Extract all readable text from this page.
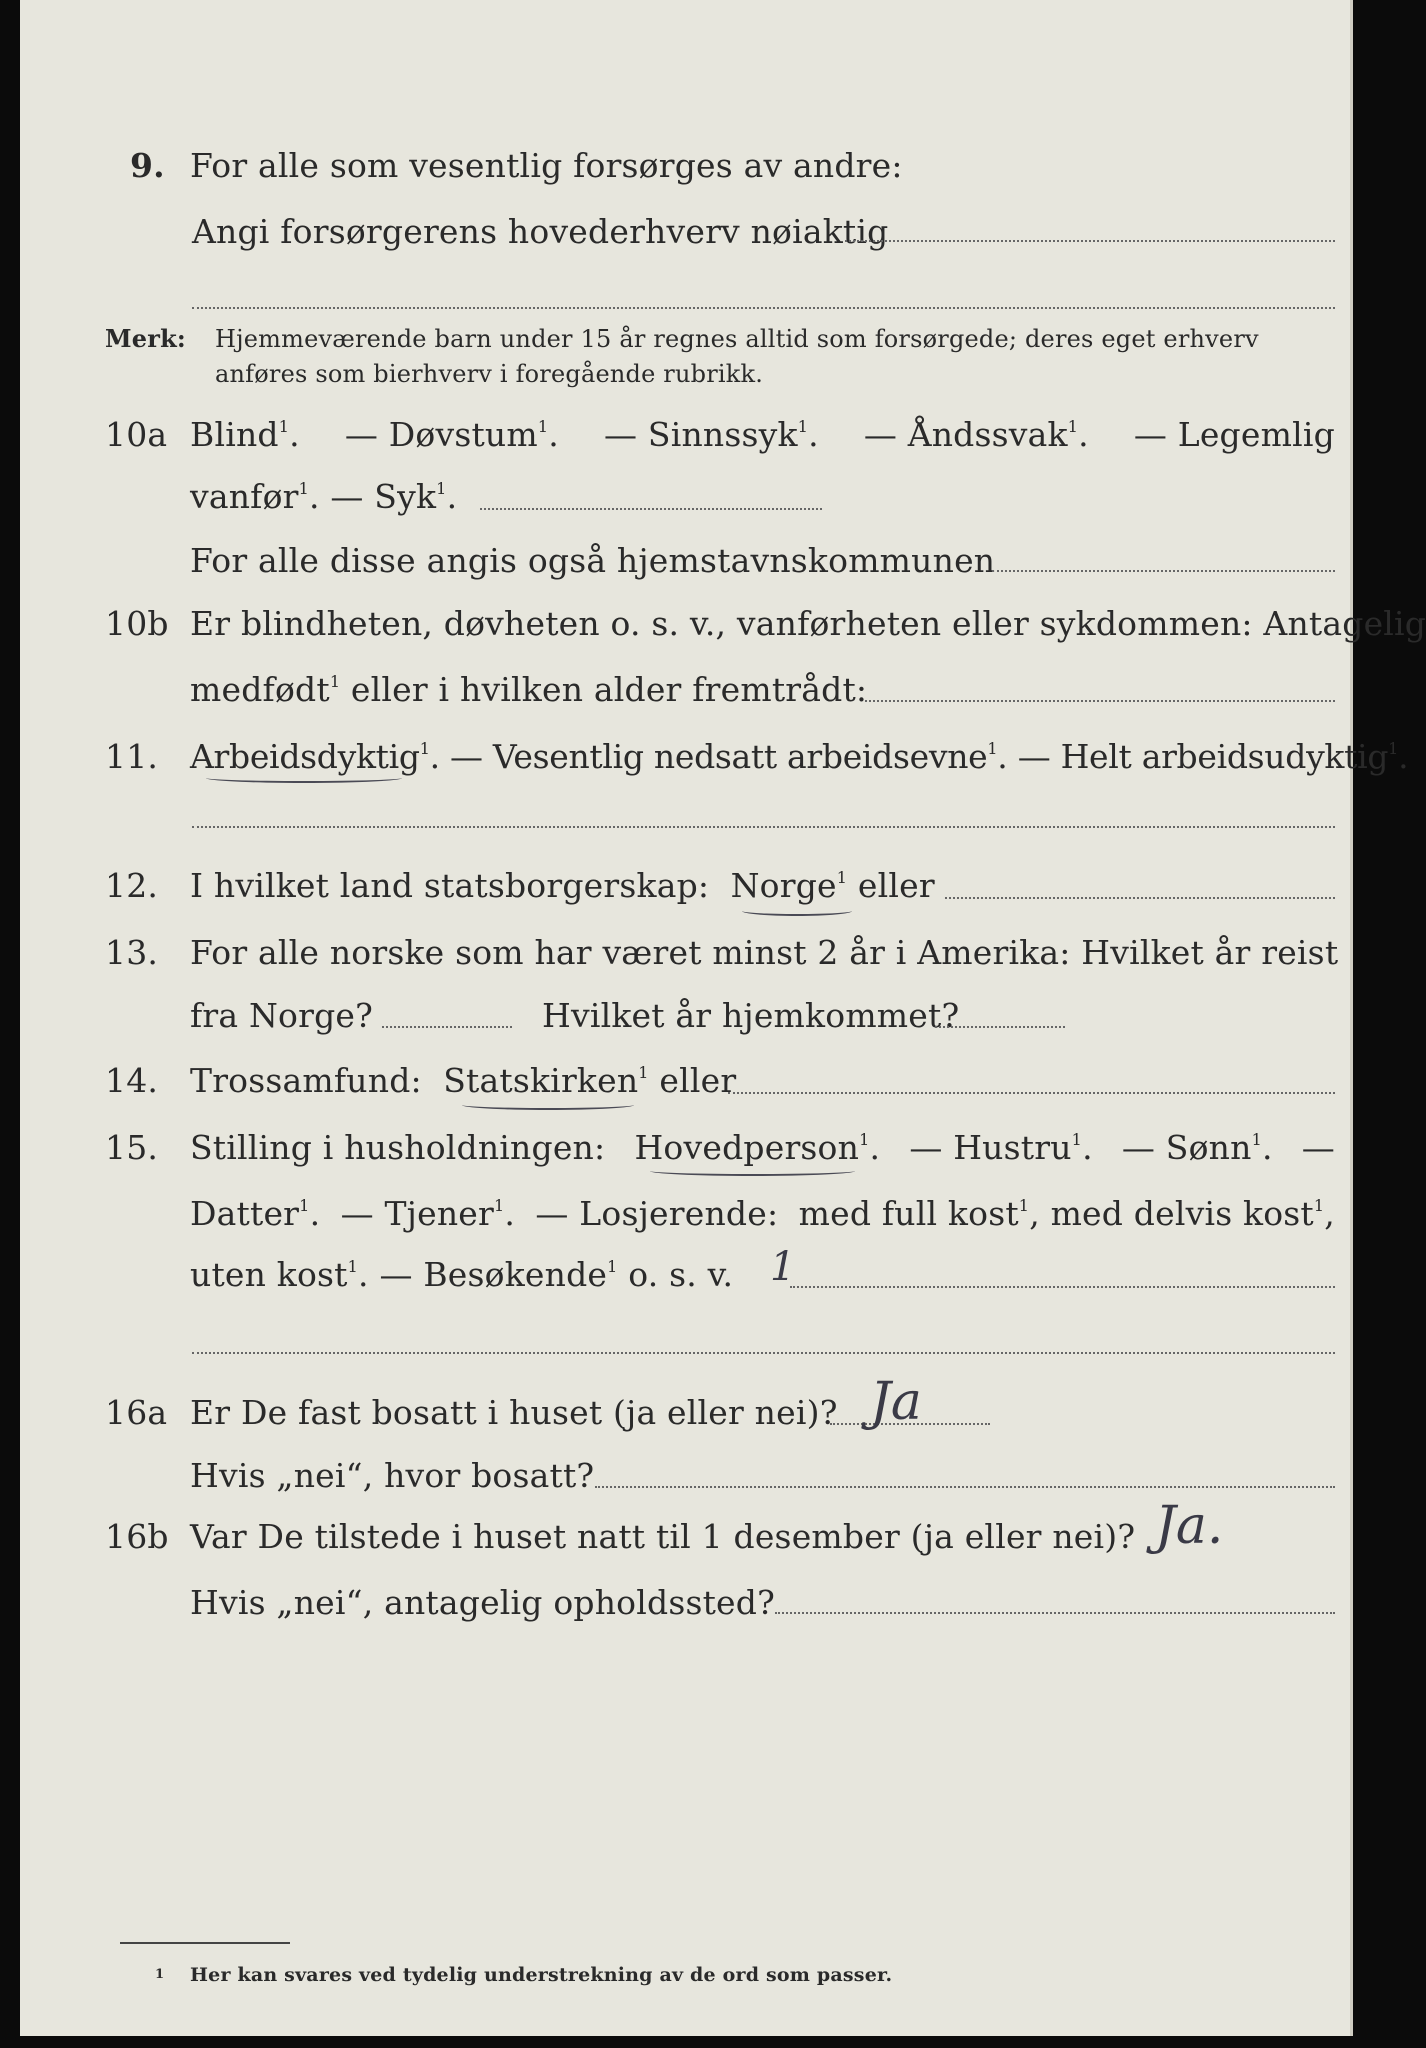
9. For alle som vesentlig forsørges av andre:
Angi forsørgerens hovederhverv nøiaktig
Merk:	Hjemmeværende barn under 15 år regnes alltid som forsørgede; deres eget erhverv
anføres som bierhverv i foregående rubrikk.
10a Blind$^1$. — Døvstum$^1$. — Sinnssyk$^1$. — Åndssvak$^1$. — Legemlig
vanfør$^1$. — Syk$^1$.
For alle disse angis også hjemstavnskommunen
10b Er blindheten, døvheten o. s. v., vanførheten eller sykdommen: Antagelig
medfødt$^1$ eller i hvilken alder fremtrådt:
11. Arbeidsdyktig$^1$. — Vesentlig nedsatt arbeidsevne$^1$. — Helt arbeidsudyktig$^1$.
12. I hvilket land statsborgerskap: Norge$^1$ eller
13. For alle norske som har været minst 2 år i Amerika: Hvilket år reist
fra Norge?	Hvilket år hjemkommet?
14. Trossamfund: Statskirken$^1$ eller
15. Stilling i husholdningen: Hovedperson$^1$. — Hustru$^1$. — Sønn$^1$. —
Datter$^1$. — Tjener$^1$. — Losjerende: med full kost$^1$, med delvis kost$^1$,
uten kost$^1$. — Besøkende$^1$ o. s. v. 1
16a Er De fast bosatt i huset (ja eller nei)? Ja
Hvis „nei“, hvor bosatt?
16b Var De tilstede i huset natt til 1 desember (ja eller nei)? Ja.
Hvis „nei“, antagelig opholdssted?
1 Her kan svares ved tydelig understrekning av de ord som passer.
